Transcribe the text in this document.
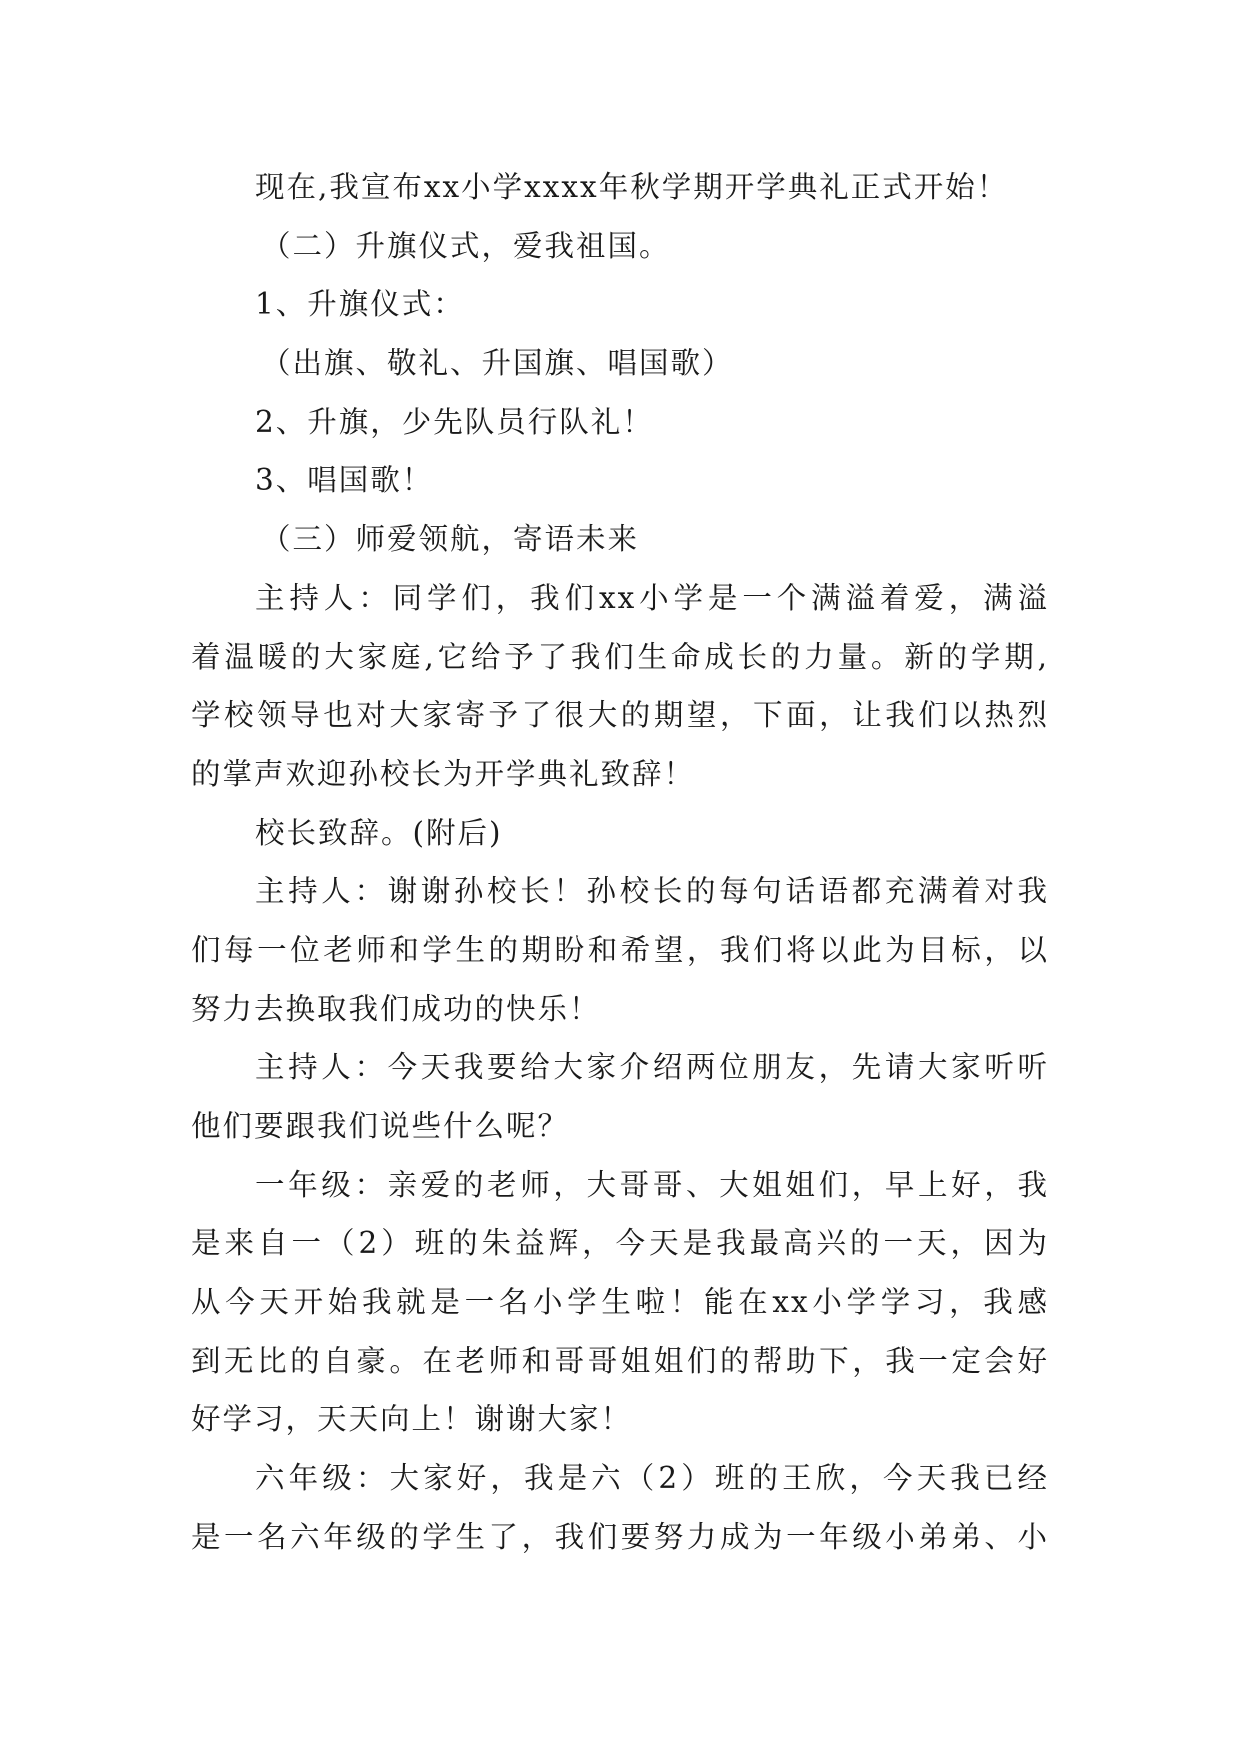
现在,我宣布xx小学xxxx年秋学期开学典礼正式开始！
（二）升旗仪式，爱我祖国。
1、升旗仪式：
（出旗、敬礼、升国旗、唱国歌）
2、升旗，少先队员行队礼！
3、唱国歌！
（三）师爱领航，寄语未来
主持人：同学们，我们xx小学是一个满溢着爱，满溢
着温暖的大家庭,它给予了我们生命成长的力量。新的学期,
学校领导也对大家寄予了很大的期望，下面，让我们以热烈
的掌声欢迎孙校长为开学典礼致辞！
校长致辞。(附后)
主持人：谢谢孙校长！孙校长的每句话语都充满着对我
们每一位老师和学生的期盼和希望，我们将以此为目标，以
努力去换取我们成功的快乐！
主持人：今天我要给大家介绍两位朋友，先请大家听听
他们要跟我们说些什么呢？
一年级：亲爱的老师，大哥哥、大姐姐们，早上好，我
是来自一（2）班的朱益辉，今天是我最高兴的一天，因为
从今天开始我就是一名小学生啦！能在xx小学学习，我感
到无比的自豪。在老师和哥哥姐姐们的帮助下，我一定会好
好学习，天天向上！谢谢大家！
六年级：大家好，我是六（2）班的王欣，今天我已经
是一名六年级的学生了，我们要努力成为一年级小弟弟、小
